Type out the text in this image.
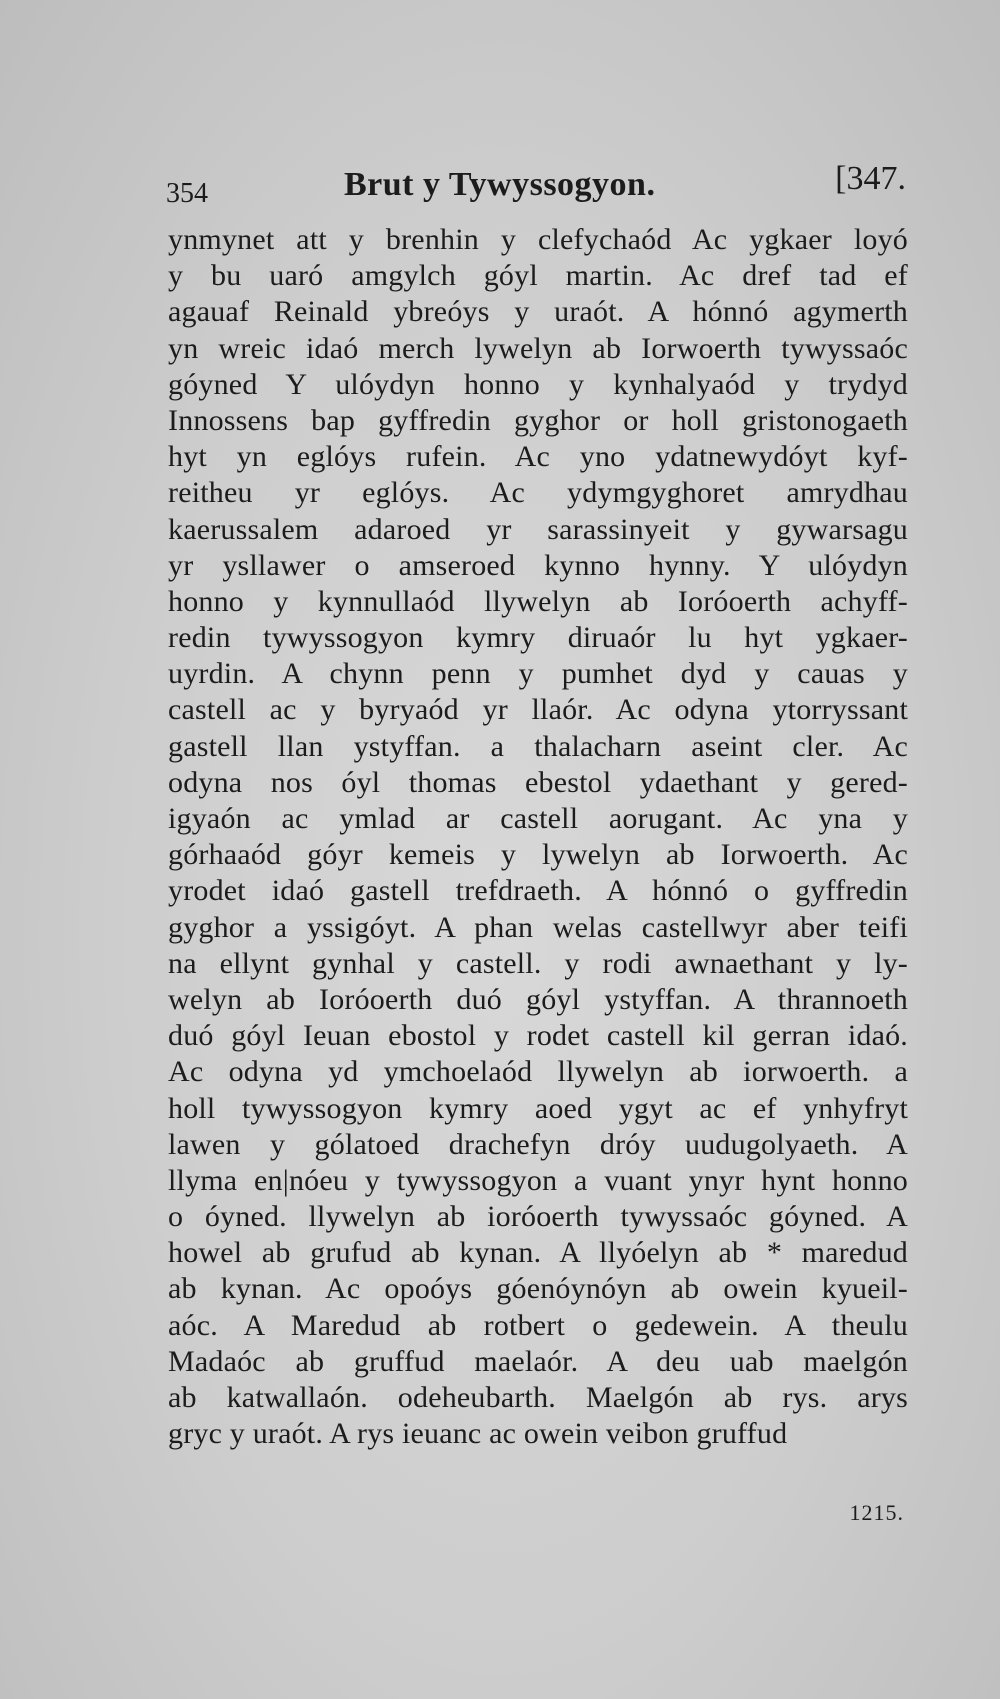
354	Brut y Tywyssogyon.	[347.
ynmynet att y brenhin y clefychaód Ac ygkaer loyó
y bu uaró amgylch góyl martin. Ac dref tad ef
agauaf Reinald ybreóys y uraót. A hónnó agymerth
yn wreic idaó merch lywelyn ab Iorwoerth tywyssaóc
góyned Y ulóydyn honno y kynhalyaód y trydyd
Innossens bap gyffredin gyghor or holl gristonogaeth
hyt yn eglóys rufein. Ac yno ydatnewydóyt kyf-
reitheu yr eglóys. Ac ydymgyghoret amrydhau
kaerussalem adaroed yr sarassinyeit y gywarsagu
yr ysllawer o amseroed kynno hynny. Y ulóydyn
honno y kynnullaód llywelyn ab Ioróoerth achyff-
redin tywyssogyon kymry diruaór lu hyt ygkaer-
uyrdin. A chynn penn y pumhet dyd y cauas y
castell ac y byryaód yr llaór. Ac odyna ytorryssant
gastell llan ystyffan. a thalacharn aseint cler. Ac
odyna nos óyl thomas ebestol ydaethant y gered-
igyaón ac ymlad ar castell aorugant. Ac yna y
górhaaód góyr kemeis y lywelyn ab Iorwoerth. Ac
yrodet idaó gastell trefdraeth. A hónnó o gyffredin
gyghor a yssigóyt. A phan welas castellwyr aber teifi
na ellynt gynhal y castell. y rodi awnaethant y ly-
welyn ab Ioróoerth duó góyl ystyffan. A thrannoeth
duó góyl Ieuan ebostol y rodet castell kil gerran idaó.
Ac odyna yd ymchoelaód llywelyn ab iorwoerth. a
holl tywyssogyon kymry aoed ygyt ac ef ynhyfryt
lawen y gólatoed drachefyn dróy uudugolyaeth. A
llyma en|nóeu y tywyssogyon a vuant ynyr hynt honno
o óyned. llywelyn ab ioróoerth tywyssaóc góyned. A
howel ab grufud ab kynan. A llyóelyn ab * maredud
ab kynan. Ac opoóys góenóynóyn ab owein kyueil-
aóc. A Maredud ab rotbert o gedewein. A theulu
Madaóc ab gruffud maelaór. A deu uab maelgón
ab katwallaón. odeheubarth. Maelgón ab rys. arys
gryc y uraót. A rys ieuanc ac owein veibon gruffud
1215.
